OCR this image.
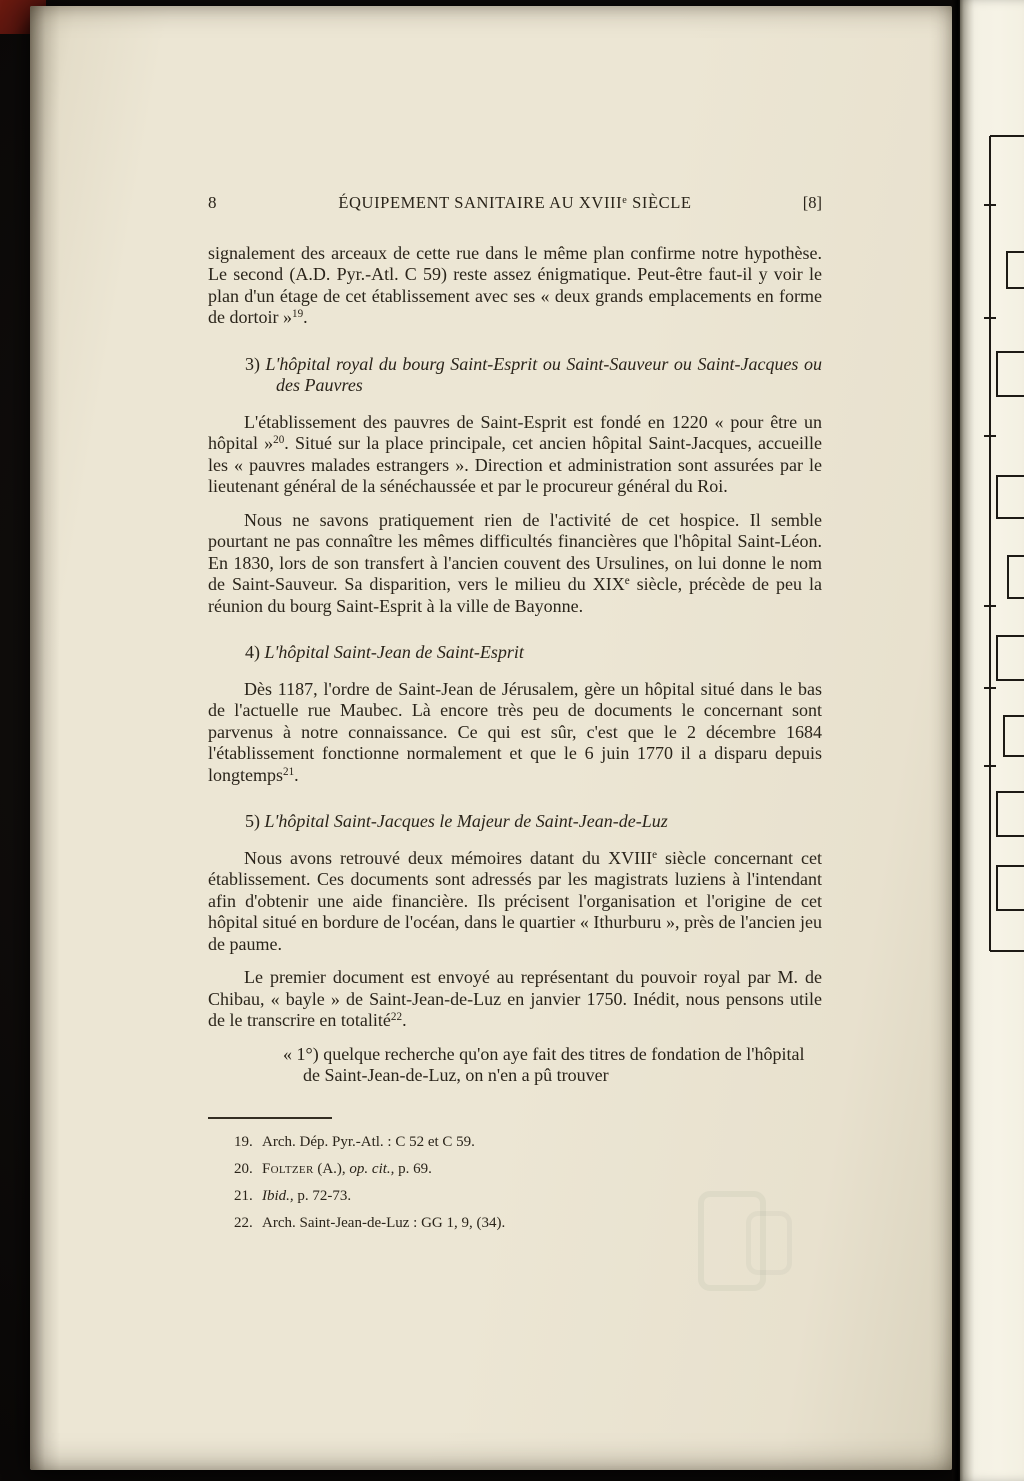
8	ÉQUIPEMENT SANITAIRE AU XVIIIe SIÈCLE	[8]

signalement des arceaux de cette rue dans le même plan confirme notre hypothèse. Le second (A.D. Pyr.-Atl. C 59) reste assez énigmatique. Peut-être faut-il y voir le plan d'un étage de cet établissement avec ses « deux grands emplacements en forme de dortoir »$^{19}$.

3) L'hôpital royal du bourg Saint-Esprit ou Saint-Sauveur ou Saint-Jacques ou des Pauvres

L'établissement des pauvres de Saint-Esprit est fondé en 1220 « pour être un hôpital »$^{20}$. Situé sur la place principale, cet ancien hôpital Saint-Jacques, accueille les « pauvres malades estrangers ». Direction et administration sont assurées par le lieutenant général de la sénéchaussée et par le procureur général du Roi.

Nous ne savons pratiquement rien de l'activité de cet hospice. Il semble pourtant ne pas connaître les mêmes difficultés financières que l'hôpital Saint-Léon. En 1830, lors de son transfert à l'ancien couvent des Ursulines, on lui donne le nom de Saint-Sauveur. Sa disparition, vers le milieu du XIXe siècle, précède de peu la réunion du bourg Saint-Esprit à la ville de Bayonne.

4) L'hôpital Saint-Jean de Saint-Esprit

Dès 1187, l'ordre de Saint-Jean de Jérusalem, gère un hôpital situé dans le bas de l'actuelle rue Maubec. Là encore très peu de documents le concernant sont parvenus à notre connaissance. Ce qui est sûr, c'est que le 2 décembre 1684 l'établissement fonctionne normalement et que le 6 juin 1770 il a disparu depuis longtemps$^{21}$.

5) L'hôpital Saint-Jacques le Majeur de Saint-Jean-de-Luz

Nous avons retrouvé deux mémoires datant du XVIIIe siècle concernant cet établissement. Ces documents sont adressés par les magistrats luziens à l'intendant afin d'obtenir une aide financière. Ils précisent l'organisation et l'origine de cet hôpital situé en bordure de l'océan, dans le quartier « Ithurburu », près de l'ancien jeu de paume.

Le premier document est envoyé au représentant du pouvoir royal par M. de Chibau, « bayle » de Saint-Jean-de-Luz en janvier 1750. Inédit, nous pensons utile de le transcrire en totalité$^{22}$.

« 1°) quelque recherche qu'on aye fait des titres de fondation de l'hôpital de Saint-Jean-de-Luz, on n'en a pû trouver

19. Arch. Dép. Pyr.-Atl. : C 52 et C 59.

20. Foltzer (A.), op. cit., p. 69.

21. Ibid., p. 72-73.

22. Arch. Saint-Jean-de-Luz : GG 1, 9, (34).
